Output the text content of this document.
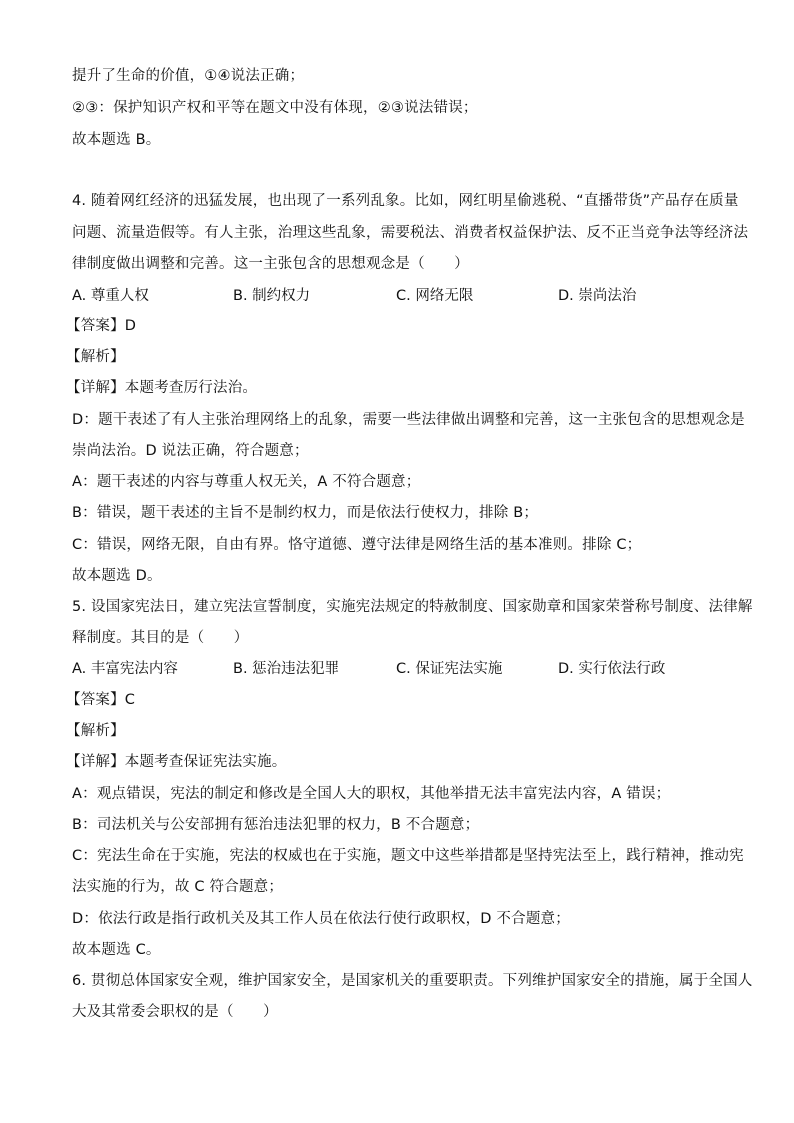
提升了生命的价值，①④说法正确；
②③：保护知识产权和平等在题文中没有体现，②③说法错误；
故本题选 B。
4. 随着网红经济的迅猛发展，也出现了一系列乱象。比如，网红明星偷逃税、“直播带货”产品存在质量
问题、流量造假等。有人主张，治理这些乱象，需要税法、消费者权益保护法、反不正当竞争法等经济法
律制度做出调整和完善。这一主张包含的思想观念是（　　）
A. 尊重人权	B. 制约权力	C. 网络无限	D. 崇尚法治
【答案】D
【解析】
【详解】本题考查厉行法治。
D：题干表述了有人主张治理网络上的乱象，需要一些法律做出调整和完善，这一主张包含的思想观念是
崇尚法治。D 说法正确，符合题意；
A：题干表述的内容与尊重人权无关，A 不符合题意；
B：错误，题干表述的主旨不是制约权力，而是依法行使权力，排除 B；
C：错误，网络无限，自由有界。恪守道德、遵守法律是网络生活的基本准则。排除 C；
故本题选 D。
5. 设国家宪法日，建立宪法宣誓制度，实施宪法规定的特赦制度、国家勋章和国家荣誉称号制度、法律解
释制度。其目的是（　　）
A. 丰富宪法内容	B. 惩治违法犯罪	C. 保证宪法实施	D. 实行依法行政
【答案】C
【解析】
【详解】本题考查保证宪法实施。
A：观点错误，宪法的制定和修改是全国人大的职权，其他举措无法丰富宪法内容，A 错误；
B：司法机关与公安部拥有惩治违法犯罪的权力，B 不合题意；
C：宪法生命在于实施，宪法的权威也在于实施，题文中这些举措都是坚持宪法至上，践行精神，推动宪
法实施的行为，故 C 符合题意；
D：依法行政是指行政机关及其工作人员在依法行使行政职权，D 不合题意；
故本题选 C。
6. 贯彻总体国家安全观，维护国家安全，是国家机关的重要职责。下列维护国家安全的措施，属于全国人
大及其常委会职权的是（　　）
